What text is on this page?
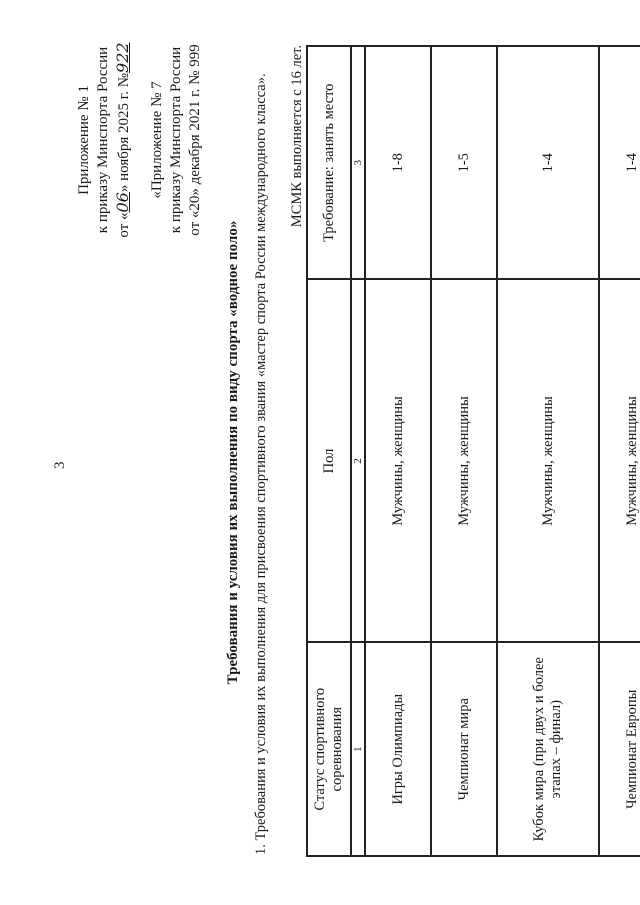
3
Приложение № 1 к приказу Минспорта России от «06» ноября 2025 г. №922
«Приложение № 7 к приказу Минспорта России от «20» декабря 2021 г. № 999
Требования и условия их выполнения по виду спорта «водное поло» 1. Требования и условия их выполнения для присвоения спортивного звания «мастер спорта России международного класса». МСМК выполняется с 16 лет.
Статус спортивного соревнования	Пол	Требование: занять место
1	2	3
Игры Олимпиады	Мужчины, женщины	1-8
Чемпионат мира	Мужчины, женщины	1-5
Кубок мира (при двух и более этапах – финал)	Мужчины, женщины	1-4
Чемпионат Европы	Мужчины, женщины	1-4
